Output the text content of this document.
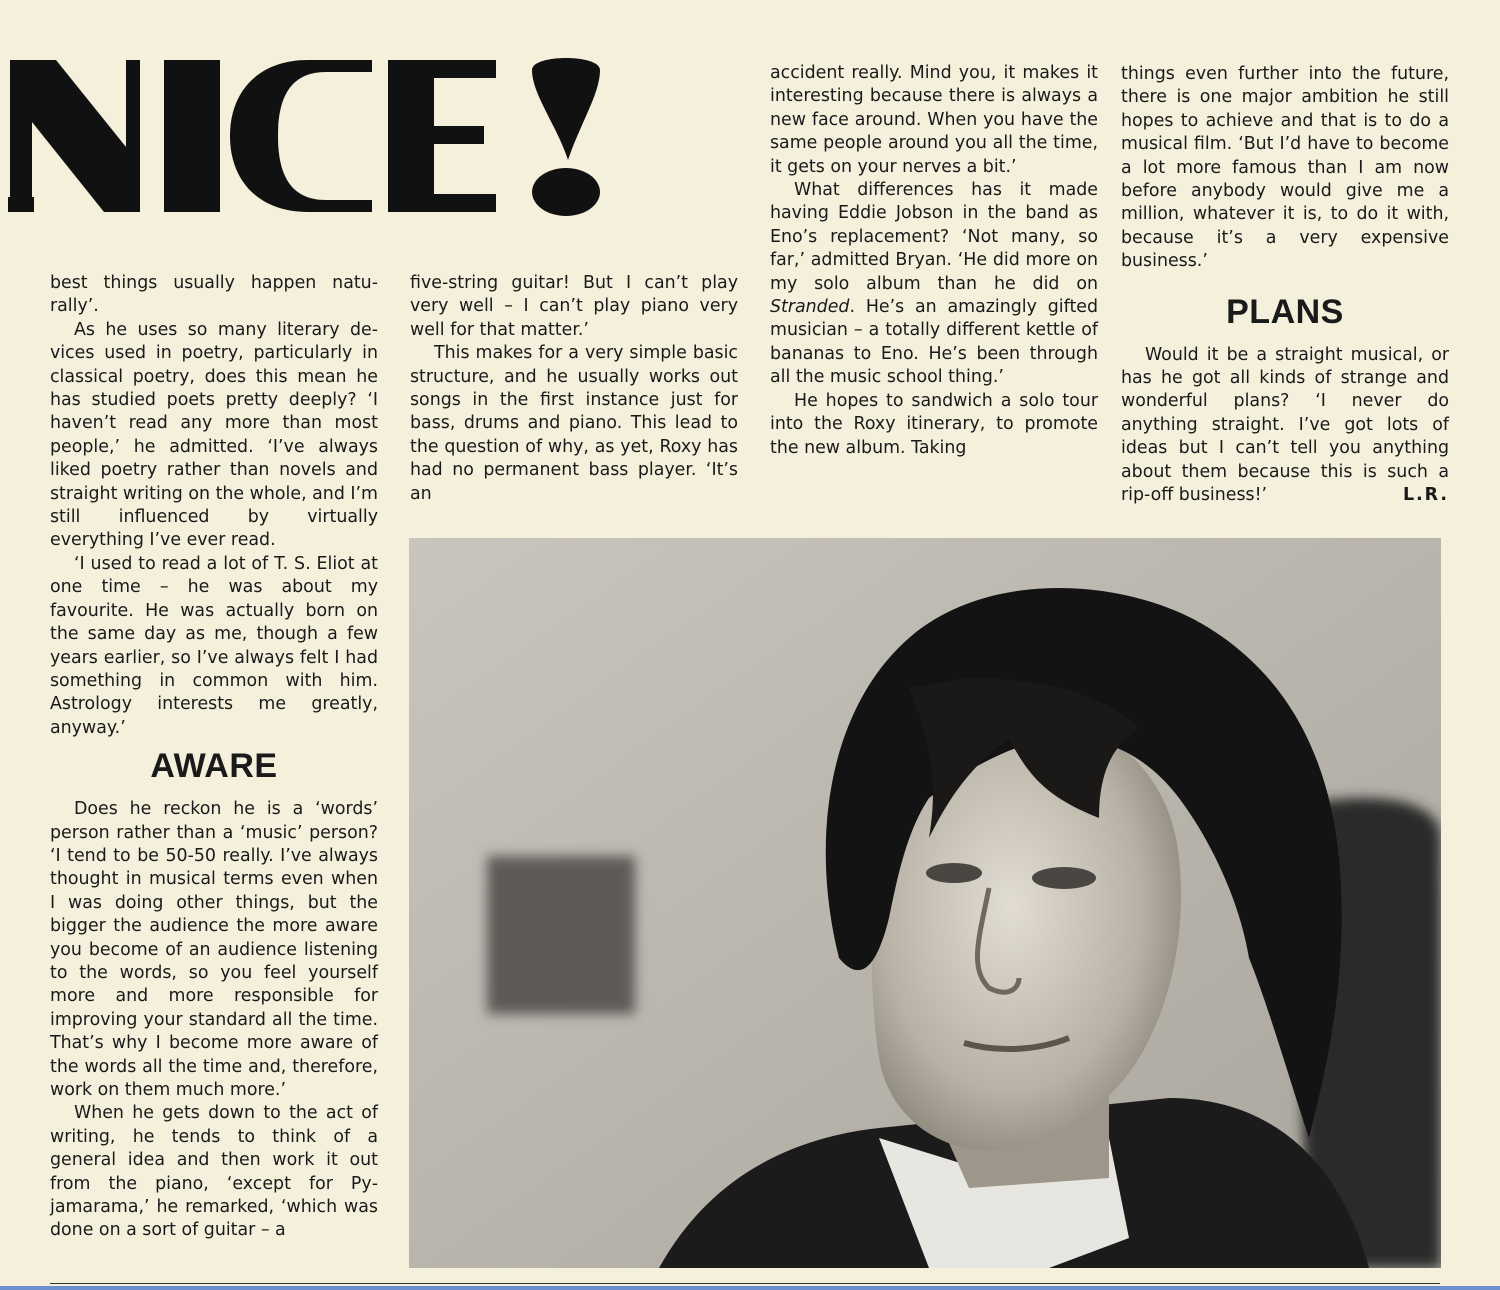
best things usually happen naturally’.

As he uses so many literary devices used in poetry, particularly in classical poetry, does this mean he has studied poets pretty deeply? ‘I haven’t read any more than most people,’ he admitted. ‘I’ve always liked poetry rather than novels and straight writing on the whole, and I’m still influenced by virtually everything I’ve ever read.

‘I used to read a lot of T. S. Eliot at one time – he was about my favourite. He was actually born on the same day as me, though a few years earlier, so I’ve always felt I had something in common with him. Astrology interests me greatly, anyway.’

AWARE

Does he reckon he is a ‘words’ person rather than a ‘music’ person? ‘I tend to be 50-50 really. I’ve always thought in musical terms even when I was doing other things, but the bigger the audience the more aware you become of an audience listening to the words, so you feel yourself more and more responsible for improving your standard all the time. That’s why I become more aware of the words all the time and, therefore, work on them much more.’

When he gets down to the act of writing, he tends to think of a general idea and then work it out from the piano, ‘except for Pyjamarama,’ he remarked, ‘which was done on a sort of guitar – a

five-string guitar! But I can’t play very well – I can’t play piano very well for that matter.’

This makes for a very simple basic structure, and he usually works out songs in the first instance just for bass, drums and piano. This lead to the question of why, as yet, Roxy has had no permanent bass player. ‘It’s an

accident really. Mind you, it makes it interesting because there is always a new face around. When you have the same people around you all the time, it gets on your nerves a bit.’

What differences has it made having Eddie Jobson in the band as Eno’s replacement? ‘Not many, so far,’ admitted Bryan. ‘He did more on my solo album than he did on Stranded. He’s an amazingly gifted musician – a totally different kettle of bananas to Eno. He’s been through all the music school thing.’

He hopes to sandwich a solo tour into the Roxy itinerary, to promote the new album. Taking

things even further into the future, there is one major ambition he still hopes to achieve and that is to do a musical film. ‘But I’d have to become a lot more famous than I am now before anybody would give me a million, whatever it is, to do it with, because it’s a very expensive business.’

PLANS

Would it be a straight musical, or has he got all kinds of strange and wonderful plans? ‘I never do anything straight. I’ve got lots of ideas but I can’t tell you anything about them because this is such a rip-off business!’	L.R.
